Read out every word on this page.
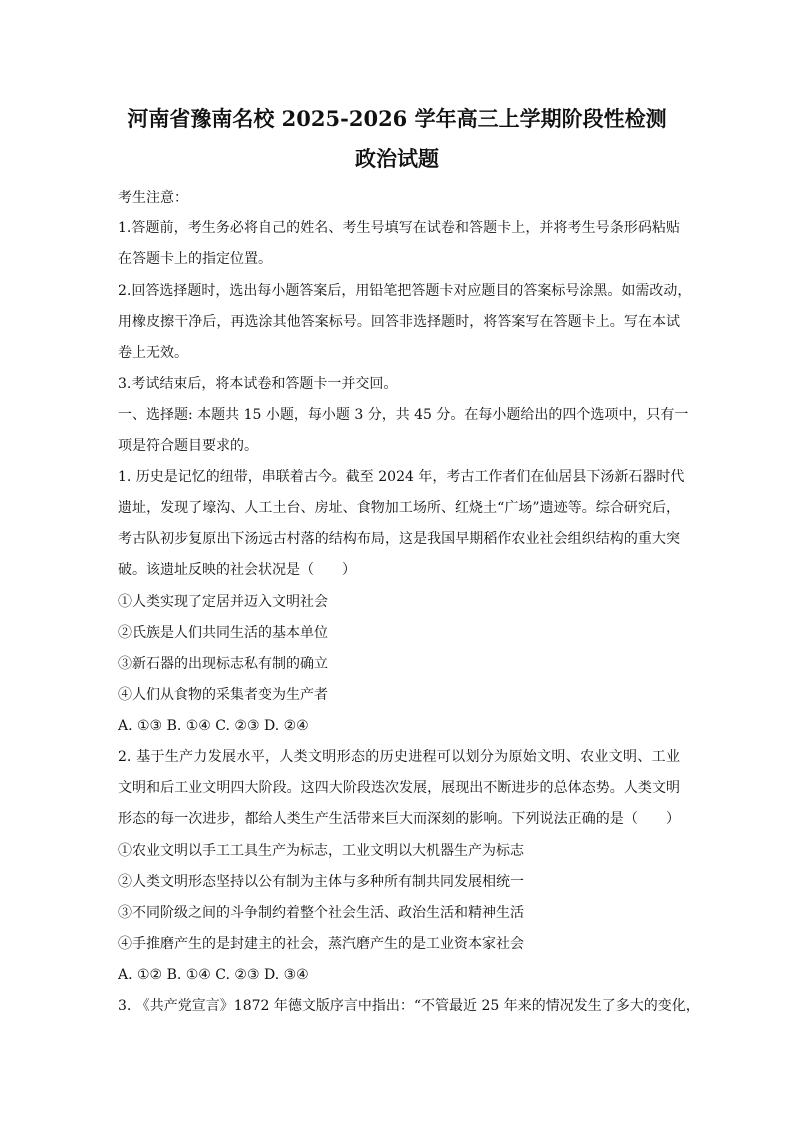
河南省豫南名校 2025-2026 学年高三上学期阶段性检测
政治试题
考生注意：
1.答题前，考生务必将自己的姓名、考生号填写在试卷和答题卡上，并将考生号条形码粘贴
在答题卡上的指定位置。
2.回答选择题时，选出每小题答案后，用铅笔把答题卡对应题目的答案标号涂黑。如需改动，
用橡皮擦干净后，再选涂其他答案标号。回答非选择题时，将答案写在答题卡上。写在本试
卷上无效。
3.考试结束后，将本试卷和答题卡一并交回。
一、选择题: 本题共 15 小题，每小题 3 分，共 45 分。在每小题给出的四个选项中，只有一
项是符合题目要求的。
1. 历史是记忆的纽带，串联着古今。截至 2024 年，考古工作者们在仙居县下汤新石器时代
遗址，发现了壕沟、人工土台、房址、食物加工场所、红烧土“广场”遗迹等。综合研究后，
考古队初步复原出下汤远古村落的结构布局，这是我国早期稻作农业社会组织结构的重大突
破。该遗址反映的社会状况是（　　）
①人类实现了定居并迈入文明社会
②氏族是人们共同生活的基本单位
③新石器的出现标志私有制的确立
④人们从食物的采集者变为生产者
A. ①③ B. ①④ C. ②③ D. ②④
2. 基于生产力发展水平，人类文明形态的历史进程可以划分为原始文明、农业文明、工业
文明和后工业文明四大阶段。这四大阶段迭次发展，展现出不断进步的总体态势。人类文明
形态的每一次进步，都给人类生产生活带来巨大而深刻的影响。下列说法正确的是（　　）
①农业文明以手工工具生产为标志，工业文明以大机器生产为标志
②人类文明形态坚持以公有制为主体与多种所有制共同发展相统一
③不同阶级之间的斗争制约着整个社会生活、政治生活和精神生活
④手推磨产生的是封建主的社会，蒸汽磨产生的是工业资本家社会
A. ①② B. ①④ C. ②③ D. ③④
3. 《共产党宣言》1872 年德文版序言中指出：“不管最近 25 年来的情况发生了多大的变化，
